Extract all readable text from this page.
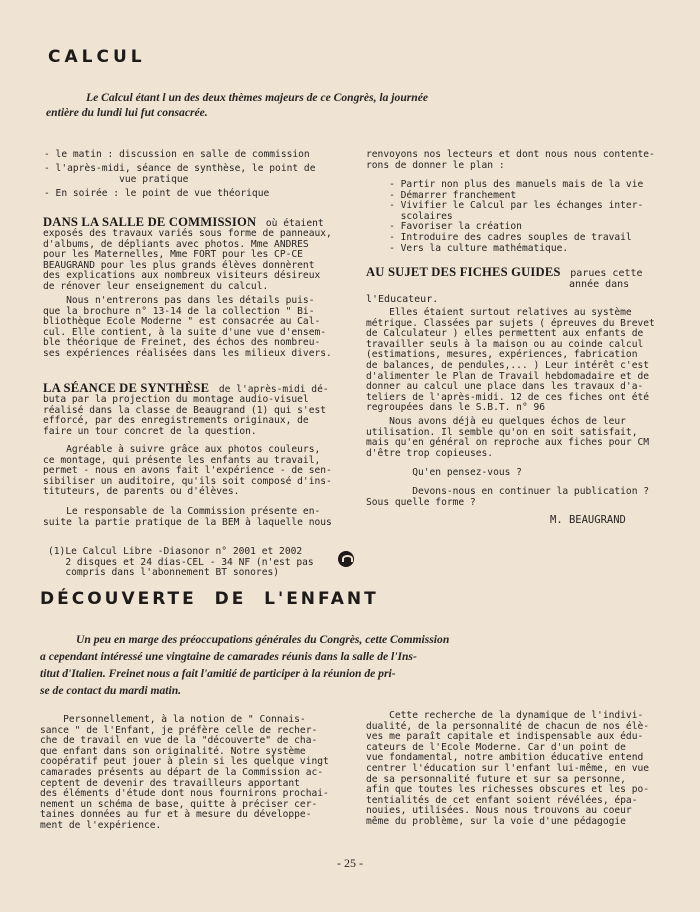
CALCUL

Le Calcul étant l un des deux thèmes majeurs de ce Congrès, la journée
entière du lundi lui fut consacrée.

- le matin : discussion en salle de commission
- l'après-midi, séance de synthèse, le point de
vue pratique
- En soirée : le point de vue théorique
DANS LA SALLE DE COMMISSION où étaient
exposés des travaux variés sous forme de panneaux,
d'albums, de dépliants avec photos. Mme ANDRES
pour les Maternelles, Mme FORT pour les CP-CE
BEAUGRAND pour les plus grands élèves donnèrent
des explications aux nombreux visiteurs désireux
de rénover leur enseignement du calcul.
Nous n'entrerons pas dans les détails puis-
que la brochure n° 13-14 de la collection " Bi-
bliothèque Ecole Moderne " est consacrée au Cal-
cul. Elle contient, à la suite d'une vue d'ensem-
ble théorique de Freinet, des échos des nombreu-
ses expériences réalisées dans les milieux divers.
LA SÉANCE DE SYNTHÈSE de l'après-midi dé-
buta par la projection du montage audio-visuel
réalisé dans la classe de Beaugrand (1) qui s'est
efforcé, par des enregistrements originaux, de
faire un tour concret de la question.
Agréable à suivre grâce aux photos couleurs,
ce montage, qui présente les enfants au travail,
permet - nous en avons fait l'expérience - de sen-
sibiliser un auditoire, qu'ils soit composé d'ins-
tituteurs, de parents ou d'élèves.
Le responsable de la Commission présente en-
suite la partie pratique de la BEM à laquelle nous
(1)Le Calcul Libre -Diasonor n° 2001 et 2002
2 disques et 24 dias-CEL - 34 NF (n'est pas
compris dans l'abonnement BT sonores)
renvoyons nos lecteurs et dont nous nous contente-
rons de donner le plan :
- Partir non plus des manuels mais de la vie
- Démarrer franchement
- Vivifier le Calcul par les échanges inter-
scolaires
- Favoriser la création
- Introduire des cadres souples de travail
- Vers la culture mathématique.
AU SUJET DES FICHES GUIDES parues cette
année dans
l'Educateur.
Elles étaient surtout relatives au système
métrique. Classées par sujets ( épreuves du Brevet
de Calculateur ) elles permettent aux enfants de
travailler seuls à la maison ou au coinde calcul
(estimations, mesures, expériences, fabrication
de balances, de pendules,... ) Leur intérêt c'est
d'alimenter le Plan de Travail hebdomadaire et de
donner au calcul une place dans les travaux d'a-
teliers de l'après-midi. 12 de ces fiches ont été
regroupées dans le S.B.T. n° 96
Nous avons déjà eu quelques échos de leur
utilisation. Il semble qu'on en soit satisfait,
mais qu'en général on reproche aux fiches pour CM
d'être trop copieuses.
Qu'en pensez-vous ?
Devons-nous en continuer la publication ?
Sous quelle forme ?
M. BEAUGRAND
DÉCOUVERTE  DE  L'ENFANT
Un peu en marge des préoccupations générales du Congrès, cette Commission
a cependant intéressé une vingtaine de camarades réunis dans la salle de l'Ins-
titut d'Italien. Freinet nous a fait l'amitié de participer à la réunion de pri-
se de contact du mardi matin.
Personnellement, à la notion de " Connais-
sance " de l'Enfant, je préfère celle de recher-
che de travail en vue de la "découverte" de cha-
que enfant dans son originalité. Notre système
coopératif peut jouer à plein si les quelque vingt
camarades présents au départ de la Commission ac-
ceptent de devenir des travailleurs apportant
des éléments d'étude dont nous fournirons prochai-
nement un schéma de base, quitte à préciser cer-
taines données au fur et à mesure du développe-
ment de l'expérience.
Cette recherche de la dynamique de l'indivi-
dualité, de la personnalité de chacun de nos élè-
ves me paraît capitale et indispensable aux édu-
cateurs de l'Ecole Moderne. Car d'un point de
vue fondamental, notre ambition éducative entend
centrer l'éducation sur l'enfant lui-même, en vue
de sa personnalité future et sur sa personne,
afin que toutes les richesses obscures et les po-
tentialités de cet enfant soient révélées, épa-
nouies, utilisées. Nous nous trouvons au coeur
même du problème, sur la voie d'une pédagogie
- 25 -
